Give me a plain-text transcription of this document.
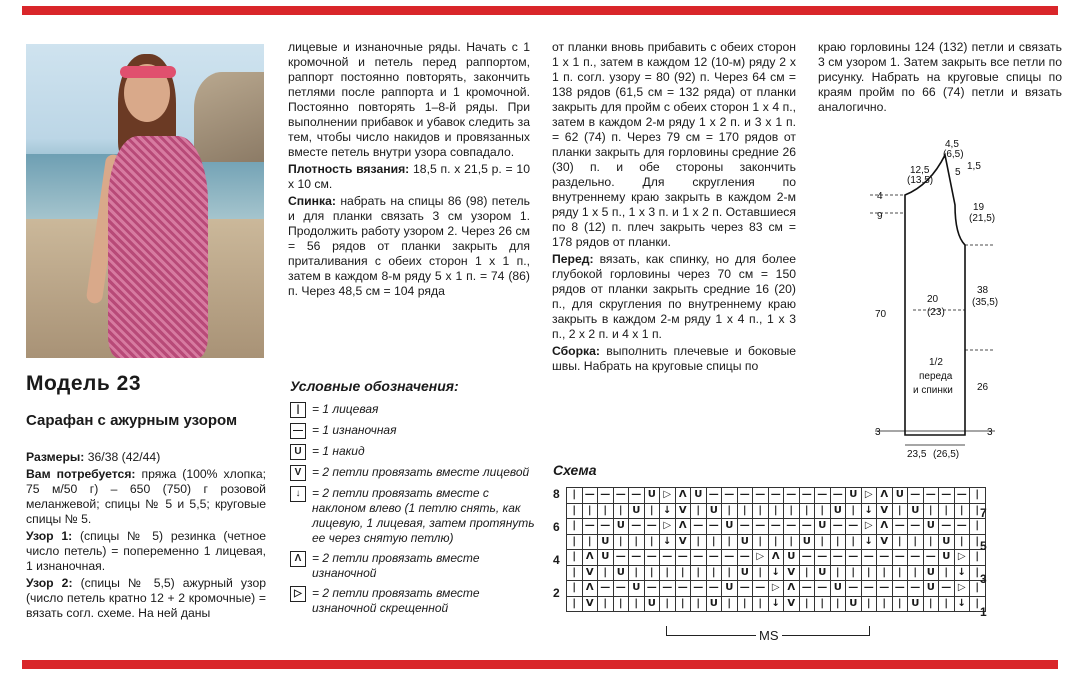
Модель 23
Сарафан с ажурным узором

Размеры: 36/38 (42/44)

Вам потребуется: пряжа (100% хлопка; 75 м/50 г) – 650 (750) г розовой меланжевой; спицы № 5 и 5,5; круговые спицы № 5.

Узор 1: (спицы № 5) резинка (четное число петель) = попеременно 1 лицевая, 1 изнаночная.

Узор 2: (спицы № 5,5) ажурный узор (число петель кратно 12 + 2 кромочные) = вязать согл. схеме. На ней даны

лицевые и изнаночные ряды. Начать с 1 кромочной и петель перед раппортом, раппорт постоянно повторять, закончить петлями после раппорта и 1 кромочной. Постоянно повторять 1–8-й ряды. При выполнении прибавок и убавок следить за тем, чтобы число накидов и провязанных вместе петель внутри узора совпадало.

Плотность вязания: 18,5 п. х 21,5 р. = 10 х 10 см.

Спинка: набрать на спицы 86 (98) петель и для планки связать 3 см узором 1. Продолжить работу узором 2. Через 26 см = 56 рядов от планки закрыть для приталивания с обеих сторон 1 х 1 п., затем в каждом 8-м ряду 5 х 1 п. = 74 (86) п. Через 48,5 см = 104 ряда

от планки вновь прибавить с обеих сторон 1 х 1 п., затем в каждом 12 (10-м) ряду 2 х 1 п. согл. узору = 80 (92) п. Через 64 см = 138 рядов (61,5 см = 132 ряда) от планки закрыть для пройм с обеих сторон 1 х 4 п., затем в каждом 2-м ряду 1 х 2 п. и 3 х 1 п. = 62 (74) п. Через 79 см = 170 рядов от планки закрыть для горловины средние 26 (30) п. и обе стороны закончить раздельно. Для скругления по внутреннему краю закрыть в каждом 2-м ряду 1 х 5 п., 1 х 3 п. и 1 х 2 п. Оставшиеся по 8 (12) п. плеч закрыть через 83 см = 178 рядов от планки.

Перед: вязать, как спинку, но для более глубокой горловины через 70 см = 150 рядов от планки закрыть средние 16 (20) п., для скругления по внутреннему краю закрыть в каждом 2-м ряду 1 х 4 п., 1 х 3 п., 2 х 2 п. и 4 х 1 п.

Сборка: выполнить плечевые и боковые швы. Набрать на круговые спицы по

краю горловины 124 (132) петли и связать 3 см узором 1. Затем закрыть все петли по рисунку. Набрать на круговые спицы по краям пройм по 66 (74) петли и вязать аналогично.

Условные обозначения:
|	= 1 лицевая
— = 1 изнаночная
U = 1 накид
V = 2 петли провязать вместе лицевой
↓ = 2 петли провязать вместе с наклоном влево (1 петлю снять, как лицевую, 1 лицевая, затем протянуть ее через снятую петлю)
Λ = 2 петли провязать вместе изнаночной
▷ = 2 петли провязать вместе изнаночной скрещенной
Схема
|	—	—	—	—	U	▷	Λ	U	—	—	—	—	—	—	—	—	—	U	▷	Λ	U	—	—	—	—	|
|	|	|	|	U	|	↓	V	|	U	|	|	|	|	|	|	|	U	|	↓	V	|	U	|	|	|	|
|	—	—	U	—	—	▷	Λ	—	—	U	—	—	—	—	—	U	—	—	▷	Λ	—	—	U	—	—	|
|	|	U	|	|	|	↓	V	|	|	|	U	|	|	|	U	|	|	|	↓	V	|	|	|	U	|	|
|	Λ	U	—	—	—	—	—	—	—	—	—	▷	Λ	U	—	—	—	—	—	—	—	—	—	U	▷	|
|	V	|	U	|	|	|	|	|	|	|	U	|	↓	V	|	U	|	|	|	|	|	|	U	|	↓	|
|	Λ	—	—	U	—	—	—	—	—	U	—	—	▷	Λ	—	—	U	—	—	—	—	—	U	—	▷	|
|	V	|	|	|	U	|	|	|	U	|	|	|	↓	V	|	|	|	U	|	|	|	U	|	|	↓	|
8
6
4
2
7
5
3
1
MS
4,5
(6,5)
12,5
(13,5)
5
1,5
4
9
19
(21,5)
20
(23)
38
(35,5)
70
1/2
переда
и спинки 26
3	3
23,5 (26,5)
